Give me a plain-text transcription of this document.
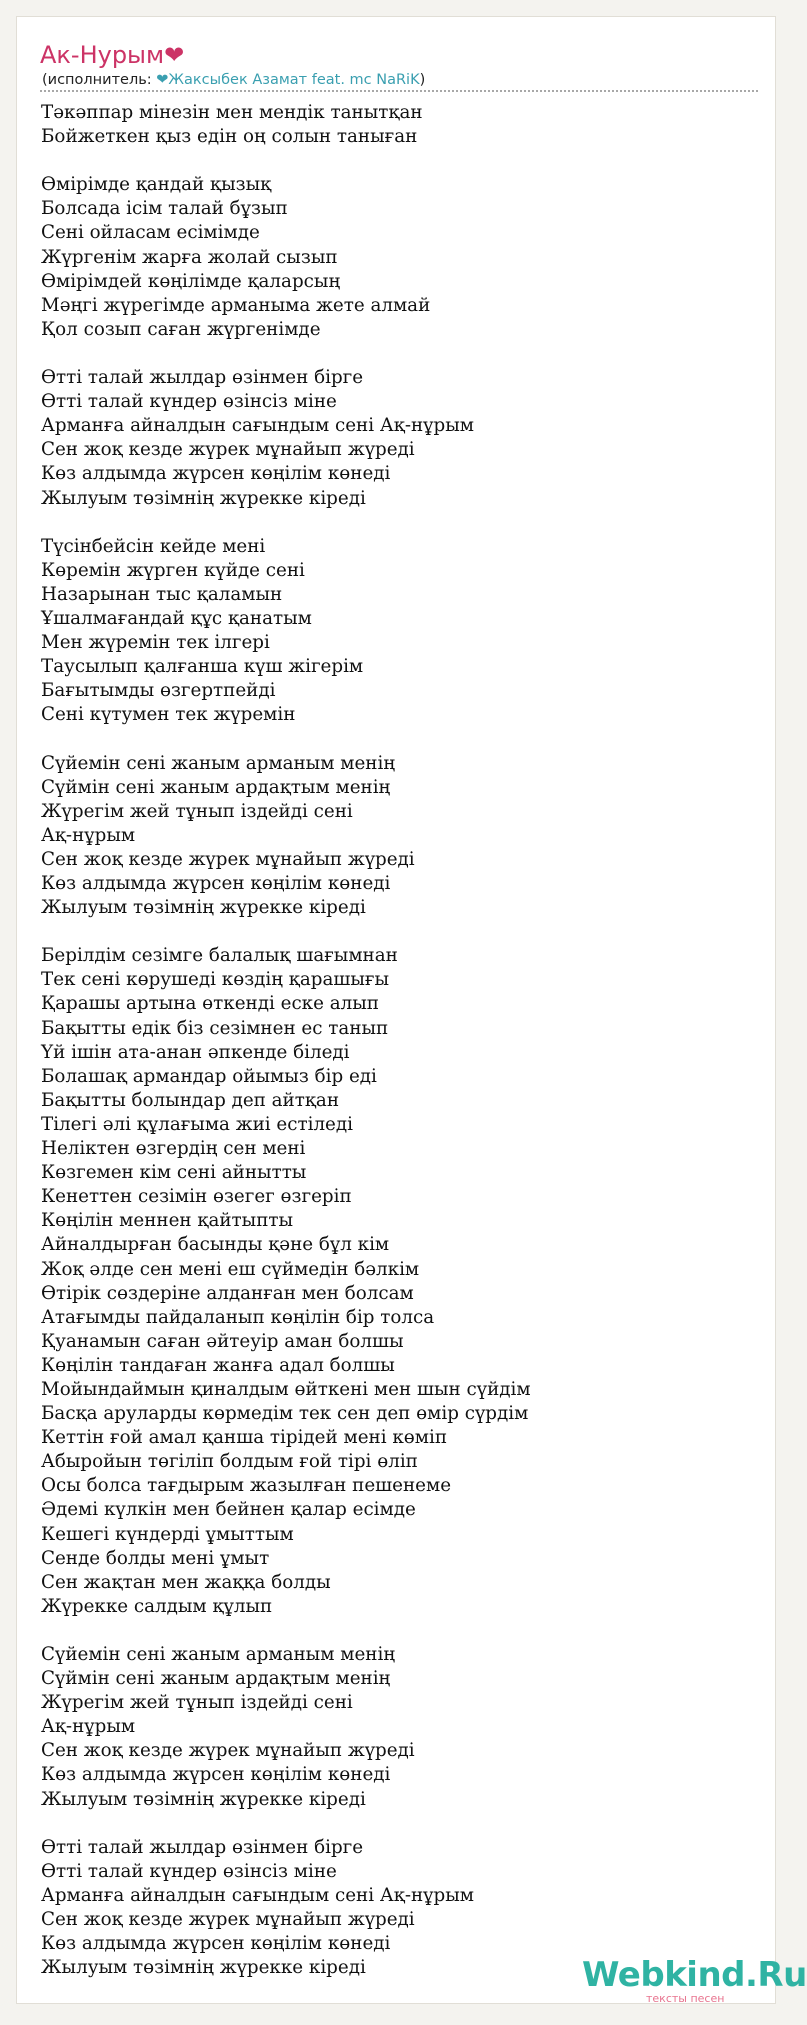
Ак-Нурым❤
(исполнитель: ❤Жаксыбек Азамат feat. mc NaRiK)
Тәкәппар мінезін мен мендік танытқан
Бойжеткен қыз едін оң солын таныған
Өмірімде қандай қызық
Болсада ісім талай бұзып
Сені ойласам есімімде
Жүргенім жарға жолай сызып
Өмірімдей көңілімде қаларсың
Мәңгі жүрегімде арманыма жете алмай
Қол созып саған жүргенімде
Өтті талай жылдар өзінмен бірге
Өтті талай күндер өзінсіз міне
Арманға айналдын сағындым сені Ақ-нұрым
Сен жоқ кезде жүрек мұнайып жүреді
Көз алдымда жүрсен көңілім көнеді
Жылуым төзімнің жүрекке кіреді
Түсінбейсін кейде мені
Көремін жүрген күйде сені
Назарынан тыс қаламын
Ұшалмағандай құс қанатым
Мен жүремін тек ілгері
Таусылып қалғанша күш жігерім
Бағытымды өзгертпейді
Сені күтумен тек жүремін
Сүйемін сені жаным арманым менің
Сүймін сені жаным ардақтым менің
Жүрегім жей тұнып іздейді сені
Ақ-нұрым
Сен жоқ кезде жүрек мұнайып жүреді
Көз алдымда жүрсен көңілім көнеді
Жылуым төзімнің жүрекке кіреді
Берілдім сезімге балалық шағымнан
Тек сені көрушеді көздің қарашығы
Қарашы артына өткенді еске алып
Бақытты едік біз сезімнен ес танып
Үй ішін ата-анан әпкенде біледі
Болашақ армандар ойымыз бір еді
Бақытты болындар деп айтқан
Тілегі әлі құлағыма жиі естіледі
Неліктен өзгердің сен мені
Көзгемен кім сені айнытты
Кенеттен сезімін өзегег өзгеріп
Көңілін меннен қайтыпты
Айналдырған басынды қәне бұл кім
Жоқ әлде сен мені еш сүймедін бәлкім
Өтірік сөздеріне алданған мен болсам
Атағымды пайдаланып көңілін бір толса
Қуанамын саған әйтеуір аман болшы
Көңілін тандаған жанға адал болшы
Мойындаймын қиналдым өйткені мен шын сүйдім
Басқа аруларды көрмедім тек сен деп өмір сүрдім
Кеттін ғой амал қанша тірідей мені көміп
Абыройын төгіліп болдым ғой тірі өліп
Осы болса тағдырым жазылған пешенеме
Әдемі күлкін мен бейнен қалар есімде
Кешегі күндерді ұмыттым
Сенде болды мені ұмыт
Сен жақтан мен жаққа болды
Жүрекке салдым құлып
Сүйемін сені жаным арманым менің
Сүймін сені жаным ардақтым менің
Жүрегім жей тұнып іздейді сені
Ақ-нұрым
Сен жоқ кезде жүрек мұнайып жүреді
Көз алдымда жүрсен көңілім көнеді
Жылуым төзімнің жүрекке кіреді
Өтті талай жылдар өзінмен бірге
Өтті талай күндер өзінсіз міне
Арманға айналдын сағындым сені Ақ-нұрым
Сен жоқ кезде жүрек мұнайып жүреді
Көз алдымда жүрсен көңілім көнеді
Жылуым төзімнің жүрекке кіреді	Webkind.Ru
тексты песен
